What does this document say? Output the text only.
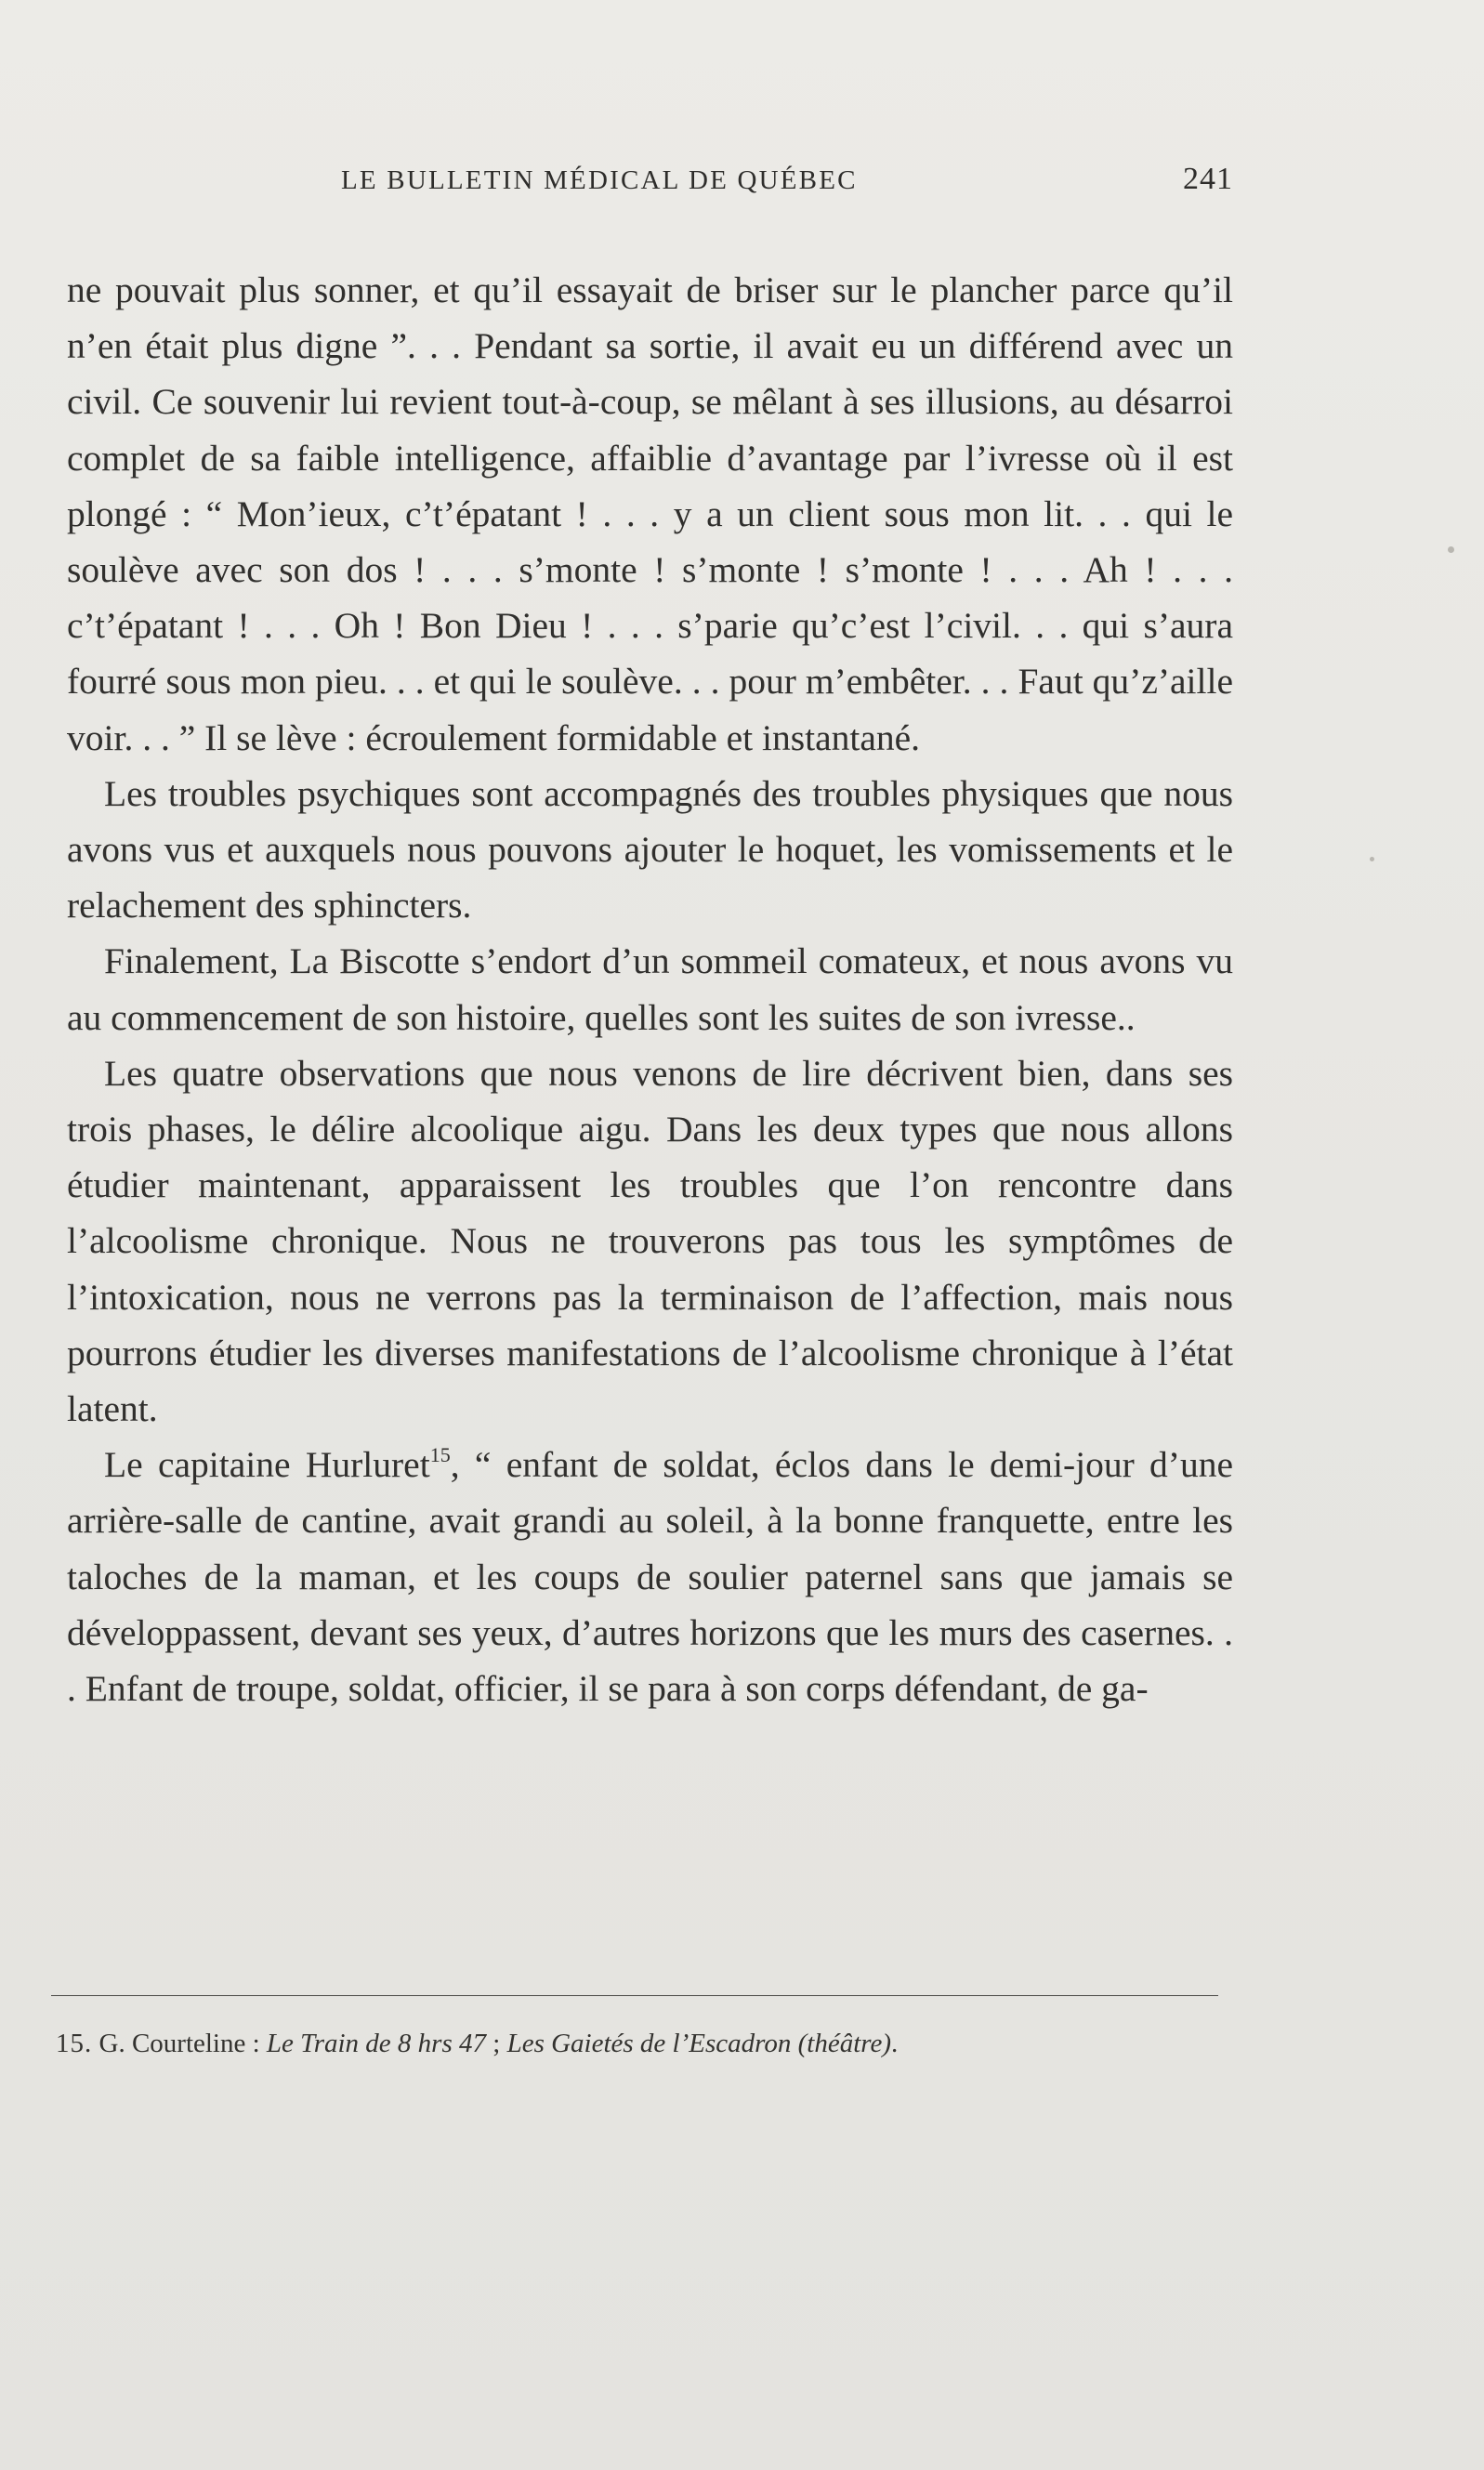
LE BULLETIN MÉDICAL DE QUÉBEC	241

ne pouvait plus sonner, et qu’il essayait de briser sur le plancher parce qu’il n’en était plus digne ”. . . Pendant sa sortie, il avait eu un différend avec un civil. Ce souvenir lui revient tout-à-coup, se mêlant à ses illusions, au désarroi complet de sa faible intelligence, affaiblie d’avantage par l’ivresse où il est plongé : “ Mon’ieux, c’t’épatant ! . . . y a un client sous mon lit. . . qui le soulève avec son dos ! . . . s’monte ! s’monte ! s’monte ! . . . Ah ! . . . c’t’épatant ! . . . Oh ! Bon Dieu ! . . . s’parie qu’c’est l’civil. . . qui s’aura fourré sous mon pieu. . . et qui le soulève. . . pour m’embêter. . . Faut qu’z’aille voir. . . ” Il se lève : écroulement formidable et instantané.

Les troubles psychiques sont accompagnés des troubles physiques que nous avons vus et auxquels nous pouvons ajouter le hoquet, les vomissements et le relachement des sphincters.

Finalement, La Biscotte s’endort d’un sommeil comateux, et nous avons vu au commencement de son histoire, quelles sont les suites de son ivresse..

Les quatre observations que nous venons de lire décrivent bien, dans ses trois phases, le délire alcoolique aigu. Dans les deux types que nous allons étudier maintenant, apparaissent les troubles que l’on rencontre dans l’alcoolisme chronique. Nous ne trouverons pas tous les symptômes de l’intoxication, nous ne verrons pas la terminaison de l’affection, mais nous pourrons étudier les diverses manifestations de l’alcoolisme chronique à l’état latent.

Le capitaine Hurluret$^{15}$, “ enfant de soldat, éclos dans le demi-jour d’une arrière-salle de cantine, avait grandi au soleil, à la bonne franquette, entre les taloches de la maman, et les coups de soulier paternel sans que jamais se développassent, devant ses yeux, d’autres horizons que les murs des casernes. . . Enfant de troupe, soldat, officier, il se para à son corps défendant, de ga-

15. G. Courteline : Le Train de 8 hrs 47 ; Les Gaietés de l’Escadron (théâtre).
